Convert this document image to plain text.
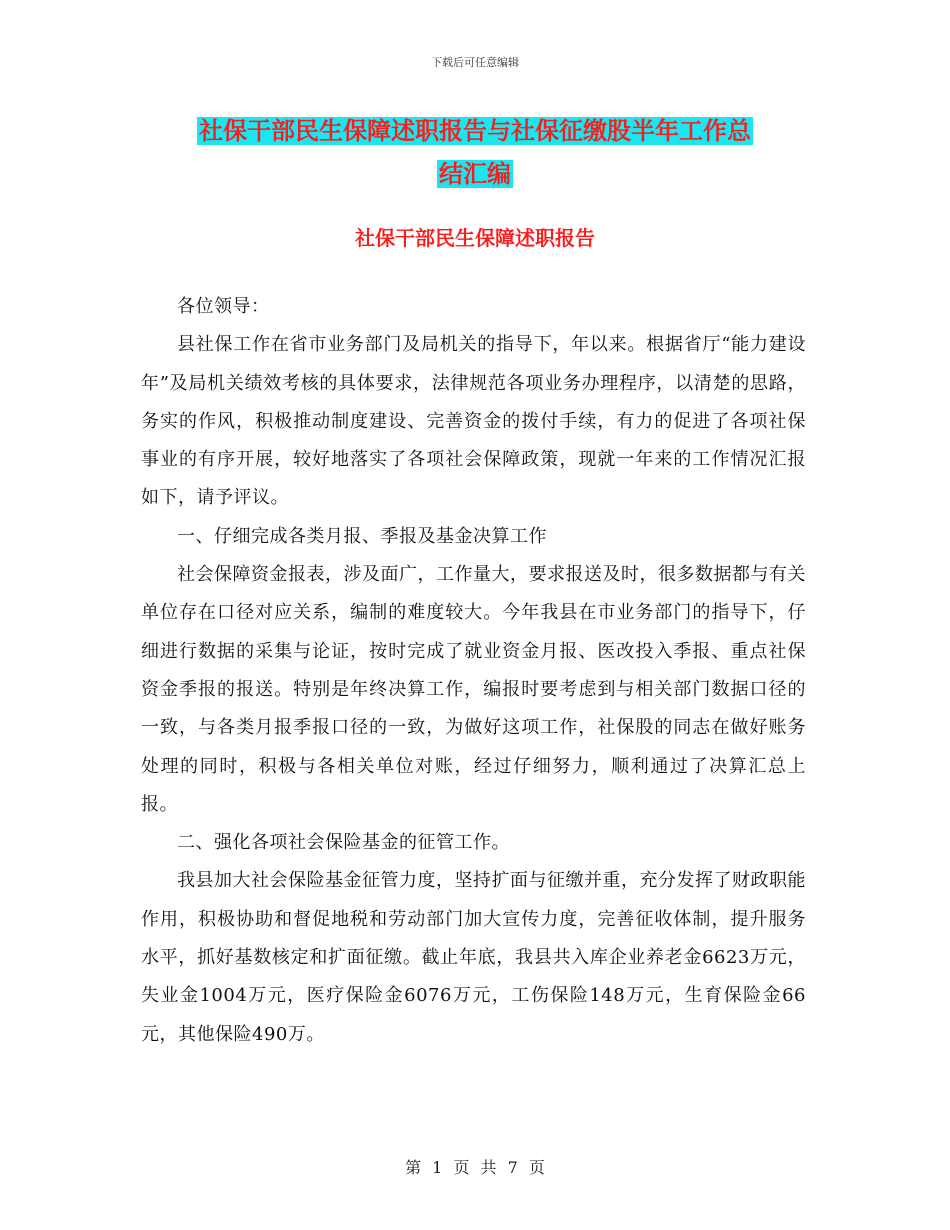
下载后可任意编辑
社保干部民生保障述职报告与社保征缴股半年工作总
结汇编
社保干部民生保障述职报告

各位领导：

县社保工作在省市业务部门及局机关的指导下，年以来。根据省厅“能力建设年”及局机关绩效考核的具体要求，法律规范各项业务办理程序，以清楚的思路，务实的作风，积极推动制度建设、完善资金的拨付手续，有力的促进了各项社保事业的有序开展，较好地落实了各项社会保障政策，现就一年来的工作情况汇报如下，请予评议。

一、仔细完成各类月报、季报及基金决算工作

社会保障资金报表，涉及面广，工作量大，要求报送及时，很多数据都与有关单位存在口径对应关系，编制的难度较大。今年我县在市业务部门的指导下，仔细进行数据的采集与论证，按时完成了就业资金月报、医改投入季报、重点社保资金季报的报送。特别是年终决算工作，编报时要考虑到与相关部门数据口径的一致，与各类月报季报口径的一致，为做好这项工作，社保股的同志在做好账务处理的同时，积极与各相关单位对账，经过仔细努力，顺利通过了决算汇总上报。

二、强化各项社会保险基金的征管工作。

我县加大社会保险基金征管力度，坚持扩面与征缴并重，充分发挥了财政职能作用，积极协助和督促地税和劳动部门加大宣传力度，完善征收体制，提升服务水平，抓好基数核定和扩面征缴。截止年底，我县共入库企业养老金6623万元，失业金1004万元，医疗保险金6076万元，工伤保险148万元，生育保险金66元，其他保险490万。

第 1 页 共 7 页
